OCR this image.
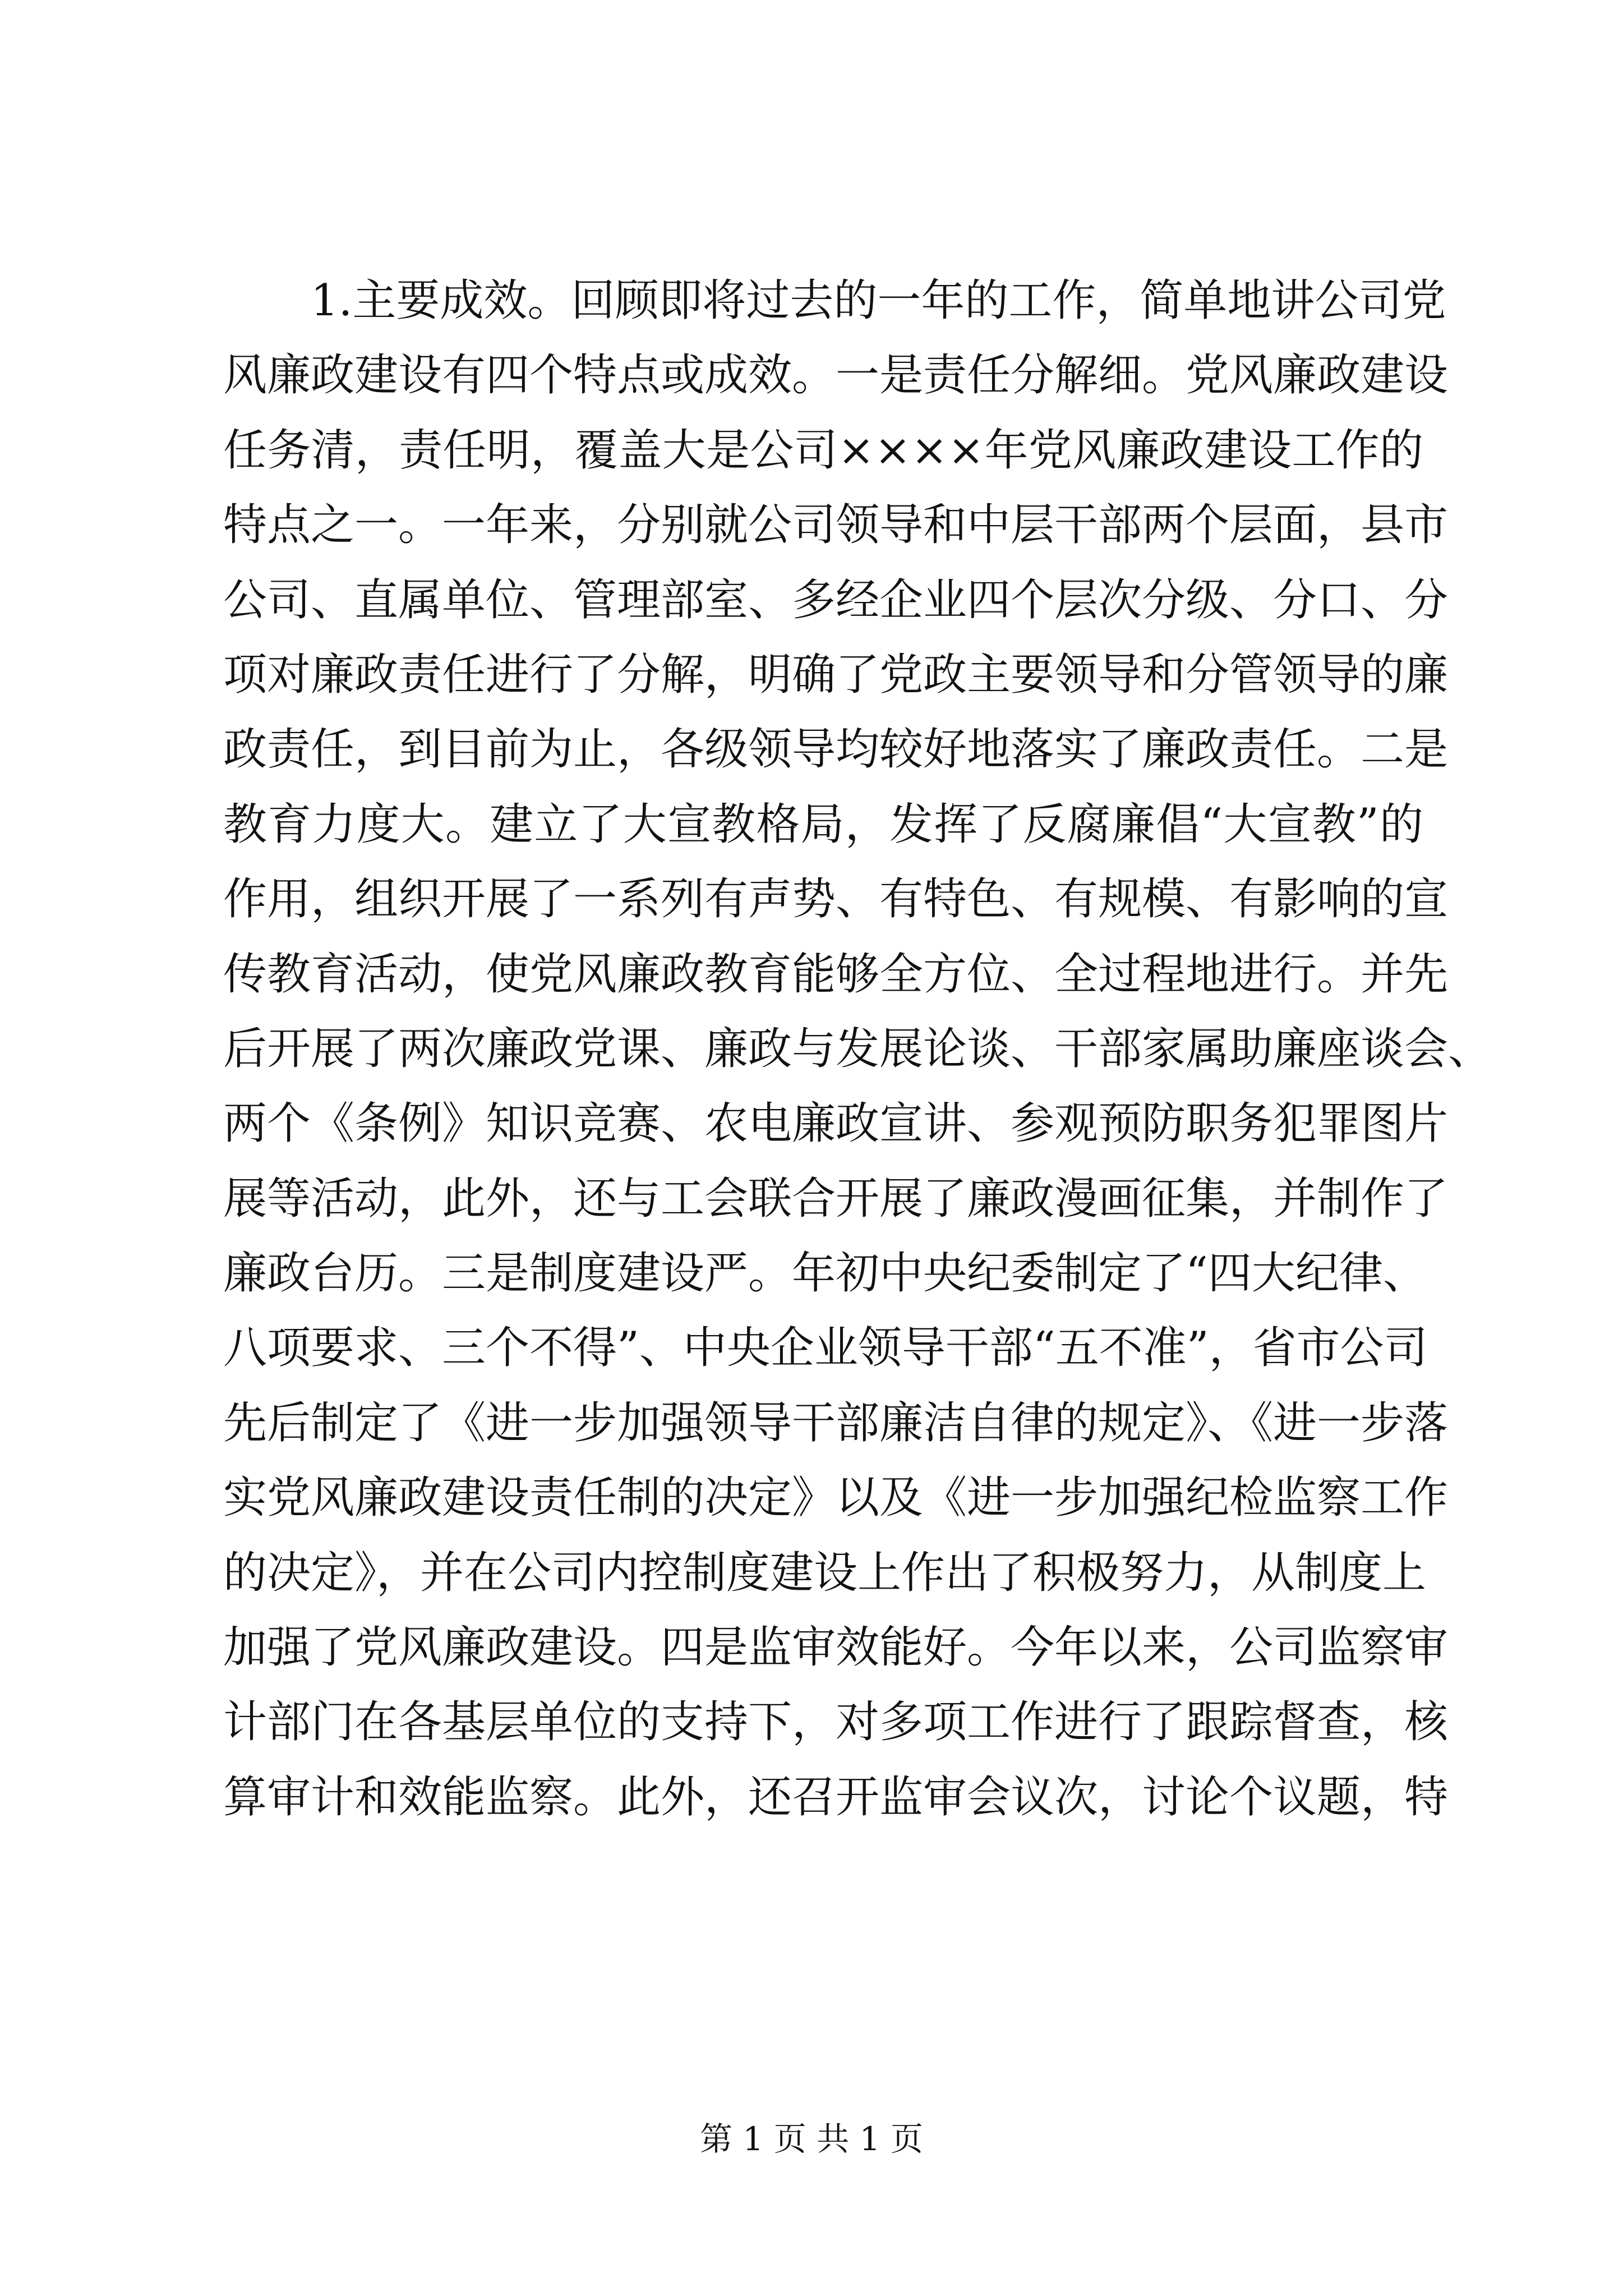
1.主要成效。回顾即将过去的一年的工作，简单地讲公司党
风廉政建设有四个特点或成效。一是责任分解细。党风廉政建设
任务清，责任明，覆盖大是公司××××年党风廉政建设工作的
特点之一。一年来，分别就公司领导和中层干部两个层面，县市
公司、直属单位、管理部室、多经企业四个层次分级、分口、分
项对廉政责任进行了分解，明确了党政主要领导和分管领导的廉
政责任，到目前为止，各级领导均较好地落实了廉政责任。二是
教育力度大。建立了大宣教格局，发挥了反腐廉倡“大宣教”的
作用，组织开展了一系列有声势、有特色、有规模、有影响的宣
传教育活动，使党风廉政教育能够全方位、全过程地进行。并先
后开展了两次廉政党课、廉政与发展论谈、干部家属助廉座谈会、
两个《条例》知识竞赛、农电廉政宣讲、参观预防职务犯罪图片
展等活动，此外，还与工会联合开展了廉政漫画征集，并制作了
廉政台历。三是制度建设严。年初中央纪委制定了“四大纪律、
八项要求、三个不得”、中央企业领导干部“五不准”，省市公司
先后制定了《进一步加强领导干部廉洁自律的规定》、《进一步落
实党风廉政建设责任制的决定》以及《进一步加强纪检监察工作
的决定》，并在公司内控制度建设上作出了积极努力，从制度上
加强了党风廉政建设。四是监审效能好。今年以来，公司监察审
计部门在各基层单位的支持下，对多项工作进行了跟踪督查，核
算审计和效能监察。此外，还召开监审会议次，讨论个议题，特
第 1 页 共 1 页
